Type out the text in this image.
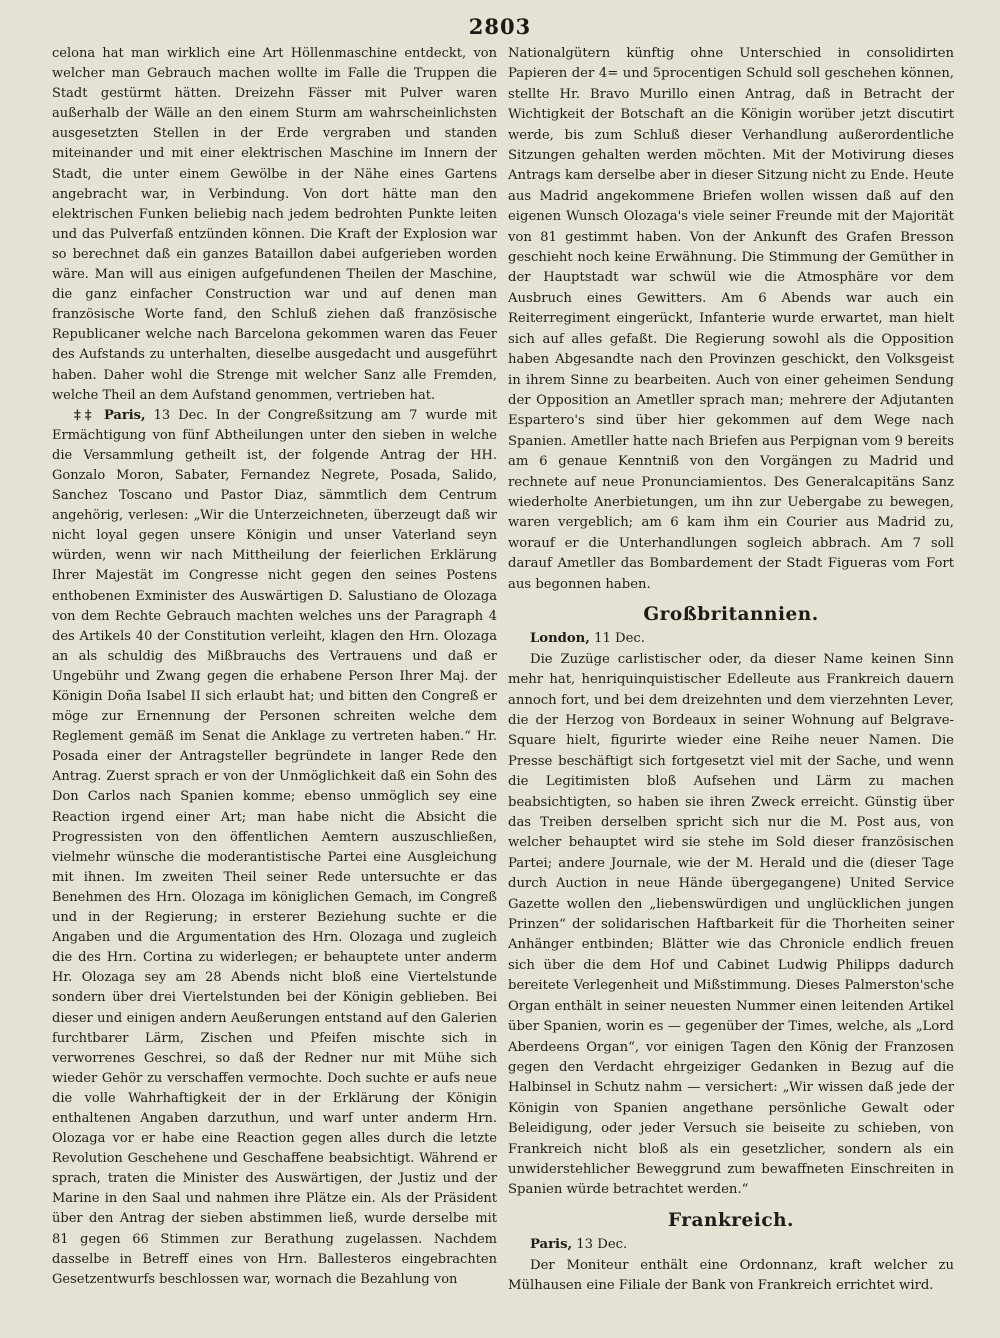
2803

celona hat man wirklich eine Art Höllenmaschine entdeckt, von welcher man Gebrauch machen wollte im Falle die Truppen die Stadt gestürmt hätten. Dreizehn Fässer mit Pulver waren außerhalb der Wälle an den einem Sturm am wahrscheinlichsten ausgesetzten Stellen in der Erde vergraben und standen miteinander und mit einer elektrischen Maschine im Innern der Stadt, die unter einem Gewölbe in der Nähe eines Gartens angebracht war, in Verbindung. Von dort hätte man den elektrischen Funken beliebig nach jedem bedrohten Punkte leiten und das Pulverfaß entzünden können. Die Kraft der Explosion war so berechnet daß ein ganzes Bataillon dabei aufgerieben worden wäre. Man will aus einigen aufgefundenen Theilen der Maschine, die ganz einfacher Construction war und auf denen man französische Worte fand, den Schluß ziehen daß französische Republicaner welche nach Barcelona gekommen waren das Feuer des Aufstands zu unterhalten, dieselbe ausgedacht und ausgeführt haben. Daher wohl die Strenge mit welcher Sanz alle Fremden, welche Theil an dem Aufstand genommen, vertrieben hat.

‡‡ Paris, 13 Dec. In der Congreßsitzung am 7 wurde mit Ermächtigung von fünf Abtheilungen unter den sieben in welche die Versammlung getheilt ist, der folgende Antrag der HH. Gonzalo Moron, Sabater, Fernandez Negrete, Posada, Salido, Sanchez Toscano und Pastor Diaz, sämmtlich dem Centrum angehörig, verlesen: „Wir die Unterzeichneten, überzeugt daß wir nicht loyal gegen unsere Königin und unser Vaterland seyn würden, wenn wir nach Mittheilung der feierlichen Erklärung Ihrer Majestät im Congresse nicht gegen den seines Postens enthobenen Exminister des Auswärtigen D. Salustiano de Olozaga von dem Rechte Gebrauch machten welches uns der Paragraph 4 des Artikels 40 der Constitution verleiht, klagen den Hrn. Olozaga an als schuldig des Mißbrauchs des Vertrauens und daß er Ungebühr und Zwang gegen die erhabene Person Ihrer Maj. der Königin Doña Isabel II sich erlaubt hat; und bitten den Congreß er möge zur Ernennung der Personen schreiten welche dem Reglement gemäß im Senat die Anklage zu vertreten haben.“ Hr. Posada einer der Antragsteller begründete in langer Rede den Antrag. Zuerst sprach er von der Unmöglichkeit daß ein Sohn des Don Carlos nach Spanien komme; ebenso unmöglich sey eine Reaction irgend einer Art; man habe nicht die Absicht die Progressisten von den öffentlichen Aemtern auszuschließen, vielmehr wünsche die moderantistische Partei eine Ausgleichung mit ihnen. Im zweiten Theil seiner Rede untersuchte er das Benehmen des Hrn. Olozaga im königlichen Gemach, im Congreß und in der Regierung; in ersterer Beziehung suchte er die Angaben und die Argumentation des Hrn. Olozaga und zugleich die des Hrn. Cortina zu widerlegen; er behauptete unter anderm Hr. Olozaga sey am 28 Abends nicht bloß eine Viertelstunde sondern über drei Viertelstunden bei der Königin geblieben. Bei dieser und einigen andern Aeußerungen entstand auf den Galerien furchtbarer Lärm, Zischen und Pfeifen mischte sich in verworrenes Geschrei, so daß der Redner nur mit Mühe sich wieder Gehör zu verschaffen vermochte. Doch suchte er aufs neue die volle Wahrhaftigkeit der in der Erklärung der Königin enthaltenen Angaben darzuthun, und warf unter anderm Hrn. Olozaga vor er habe eine Reaction gegen alles durch die letzte Revolution Geschehene und Geschaffene beabsichtigt. Während er sprach, traten die Minister des Auswärtigen, der Justiz und der Marine in den Saal und nahmen ihre Plätze ein. Als der Präsident über den Antrag der sieben abstimmen ließ, wurde derselbe mit 81 gegen 66 Stimmen zur Berathung zugelassen. Nachdem dasselbe in Betreff eines von Hrn. Ballesteros eingebrachten Gesetzentwurfs beschlossen war, wornach die Bezahlung von

Nationalgütern künftig ohne Unterschied in consolidirten Papieren der 4= und 5procentigen Schuld soll geschehen können, stellte Hr. Bravo Murillo einen Antrag, daß in Betracht der Wichtigkeit der Botschaft an die Königin worüber jetzt discutirt werde, bis zum Schluß dieser Verhandlung außerordentliche Sitzungen gehalten werden möchten. Mit der Motivirung dieses Antrags kam derselbe aber in dieser Sitzung nicht zu Ende. Heute aus Madrid angekommene Briefen wollen wissen daß auf den eigenen Wunsch Olozaga's viele seiner Freunde mit der Majorität von 81 gestimmt haben. Von der Ankunft des Grafen Bresson geschieht noch keine Erwähnung. Die Stimmung der Gemüther in der Hauptstadt war schwül wie die Atmosphäre vor dem Ausbruch eines Gewitters. Am 6 Abends war auch ein Reiterregiment eingerückt, Infanterie wurde erwartet, man hielt sich auf alles gefaßt. Die Regierung sowohl als die Opposition haben Abgesandte nach den Provinzen geschickt, den Volksgeist in ihrem Sinne zu bearbeiten. Auch von einer geheimen Sendung der Opposition an Ametller sprach man; mehrere der Adjutanten Espartero's sind über hier gekommen auf dem Wege nach Spanien. Ametller hatte nach Briefen aus Perpignan vom 9 bereits am 6 genaue Kenntniß von den Vorgängen zu Madrid und rechnete auf neue Pronunciamientos. Des Generalcapitäns Sanz wiederholte Anerbietungen, um ihn zur Uebergabe zu bewegen, waren vergeblich; am 6 kam ihm ein Courier aus Madrid zu, worauf er die Unterhandlungen sogleich abbrach. Am 7 soll darauf Ametller das Bombardement der Stadt Figueras vom Fort aus begonnen haben.

Großbritannien.

London, 11 Dec.

Die Zuzüge carlistischer oder, da dieser Name keinen Sinn mehr hat, henriquinquistischer Edelleute aus Frankreich dauern annoch fort, und bei dem dreizehnten und dem vierzehnten Lever, die der Herzog von Bordeaux in seiner Wohnung auf Belgrave-Square hielt, figurirte wieder eine Reihe neuer Namen. Die Presse beschäftigt sich fortgesetzt viel mit der Sache, und wenn die Legitimisten bloß Aufsehen und Lärm zu machen beabsichtigten, so haben sie ihren Zweck erreicht. Günstig über das Treiben derselben spricht sich nur die M. Post aus, von welcher behauptet wird sie stehe im Sold dieser französischen Partei; andere Journale, wie der M. Herald und die (dieser Tage durch Auction in neue Hände übergegangene) United Service Gazette wollen den „liebenswürdigen und unglücklichen jungen Prinzen“ der solidarischen Haftbarkeit für die Thorheiten seiner Anhänger entbinden; Blätter wie das Chronicle endlich freuen sich über die dem Hof und Cabinet Ludwig Philipps dadurch bereitete Verlegenheit und Mißstimmung. Dieses Palmerston'sche Organ enthält in seiner neuesten Nummer einen leitenden Artikel über Spanien, worin es — gegenüber der Times, welche, als „Lord Aberdeens Organ“, vor einigen Tagen den König der Franzosen gegen den Verdacht ehrgeiziger Gedanken in Bezug auf die Halbinsel in Schutz nahm — versichert: „Wir wissen daß jede der Königin von Spanien angethane persönliche Gewalt oder Beleidigung, oder jeder Versuch sie beiseite zu schieben, von Frankreich nicht bloß als ein gesetzlicher, sondern als ein unwiderstehlicher Beweggrund zum bewaffneten Einschreiten in Spanien würde betrachtet werden.“

Frankreich.

Paris, 13 Dec.

Der Moniteur enthält eine Ordonnanz, kraft welcher zu Mülhausen eine Filiale der Bank von Frankreich errichtet wird.
